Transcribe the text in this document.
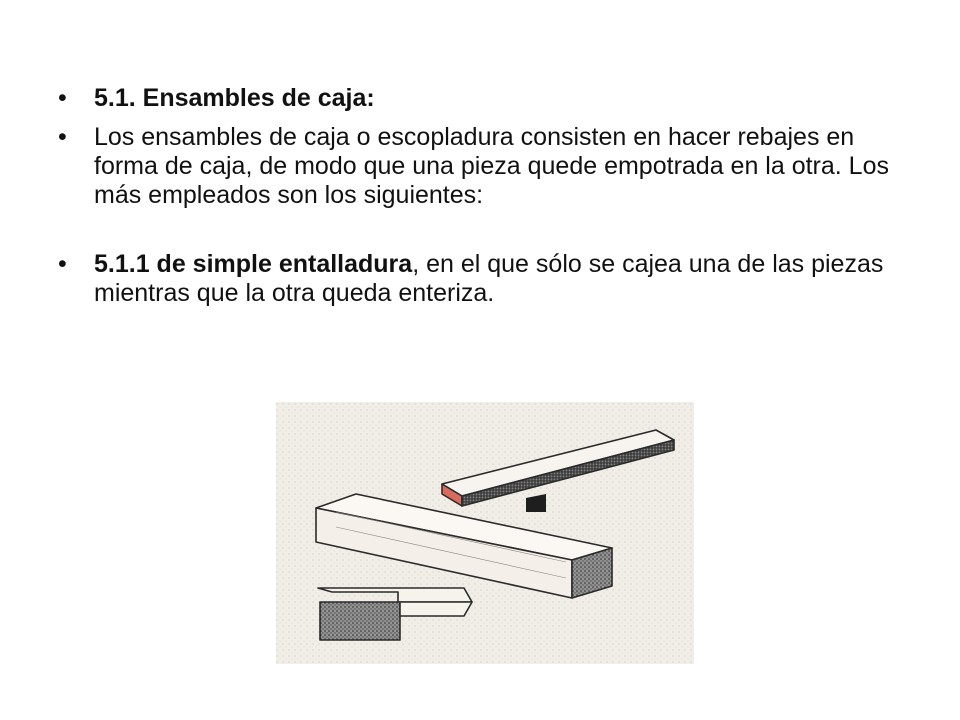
• 5.1. Ensambles de caja:
• Los ensambles de caja o escopladura consisten en hacer rebajes en forma de caja, de modo que una pieza quede empotrada en la otra. Los más empleados son los siguientes:
• 5.1.1 de simple entalladura, en el que sólo se cajea una de las piezas mientras que la otra queda enteriza.
